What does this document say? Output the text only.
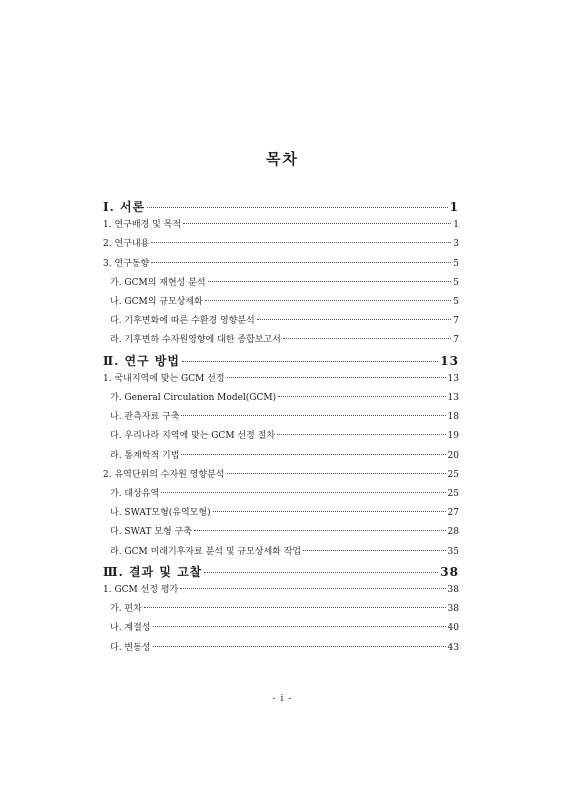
목차
Ⅰ. 서론	1
1. 연구배경 및 목적	1
2. 연구내용	3
3. 연구동향	5
가. GCM의 재현성 분석	5
나. GCM의 규모상세화	5
다. 기후변화에 따른 수환경 영향분석	7
라. 기후변하 수자원영향에 대한 종합보고서	7
Ⅱ. 연구 방법	13
1. 국내지역에 맞는 GCM 선정	13
가. General Circulation Model(GCM)	13
나. 관측자료 구축	18
다. 우리나라 지역에 맞는 GCM 선정 절차	19
라. 통계학적 기법	20
2. 유역단위의 수자원 영향분석	25
가. 대상유역	25
나. SWAT모형(유역모형)	27
다. SWAT 모형 구축	28
라. GCM 미래기후자료 분석 및 규모상세화 작업	35
Ⅲ. 결과 및 고찰	38
1. GCM 선정 평가	38
가. 편차	38
나. 계절성	40
다. 변동성	43
- i -
